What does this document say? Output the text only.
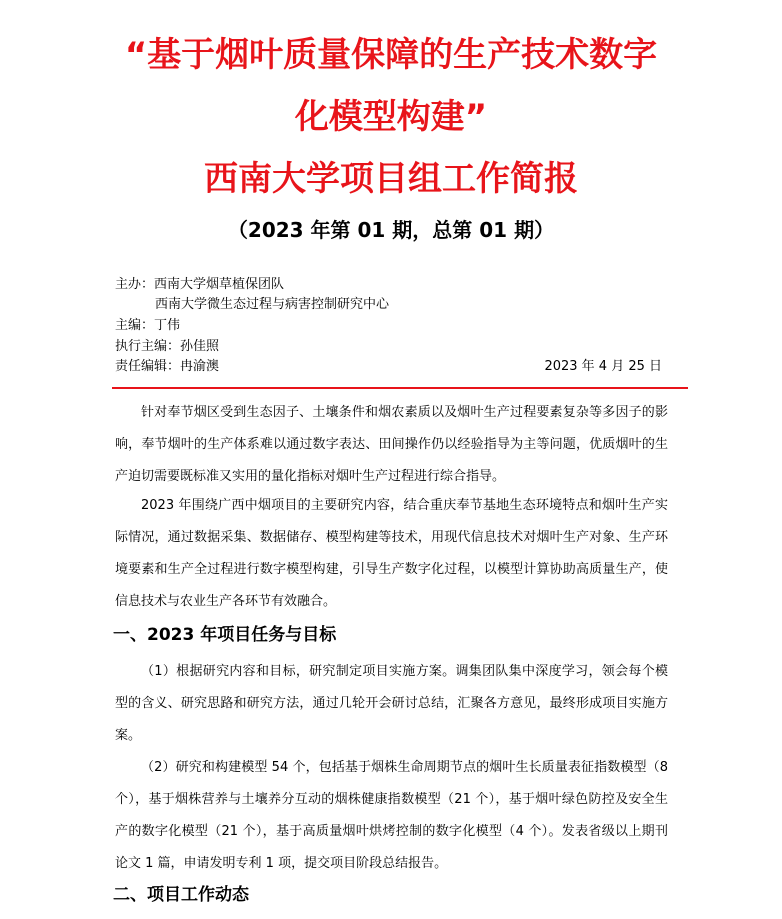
“基于烟叶质量保障的生产技术数字
化模型构建”
西南大学项目组工作简报
（2023 年第 01 期，总第 01 期）
主办：西南大学烟草植保团队
西南大学微生态过程与病害控制研究中心
主编：丁伟
执行主编：孙佳照
责任编辑：冉渝澳	2023 年 4 月 25 日
针对奉节烟区受到生态因子、土壤条件和烟农素质以及烟叶生产过程要素复杂等多因子的影响，奉节烟叶的生产体系难以通过数字表达、田间操作仍以经验指导为主等问题，优质烟叶的生产迫切需要既标准又实用的量化指标对烟叶生产过程进行综合指导。
2023 年围绕广西中烟项目的主要研究内容，结合重庆奉节基地生态环境特点和烟叶生产实际情况，通过数据采集、数据储存、模型构建等技术，用现代信息技术对烟叶生产对象、生产环境要素和生产全过程进行数字模型构建，引导生产数字化过程，以模型计算协助高质量生产，使信息技术与农业生产各环节有效融合。
一、2023 年项目任务与目标
（1）根据研究内容和目标，研究制定项目实施方案。调集团队集中深度学习，领会每个模型的含义、研究思路和研究方法，通过几轮开会研讨总结，汇聚各方意见，最终形成项目实施方案。
（2）研究和构建模型 54 个，包括基于烟株生命周期节点的烟叶生长质量表征指数模型（8 个），基于烟株营养与土壤养分互动的烟株健康指数模型（21 个），基于烟叶绿色防控及安全生产的数字化模型（21 个），基于高质量烟叶烘烤控制的数字化模型（4 个）。发表省级以上期刊论文 1 篇，申请发明专利 1 项，提交项目阶段总结报告。
二、项目工作动态
